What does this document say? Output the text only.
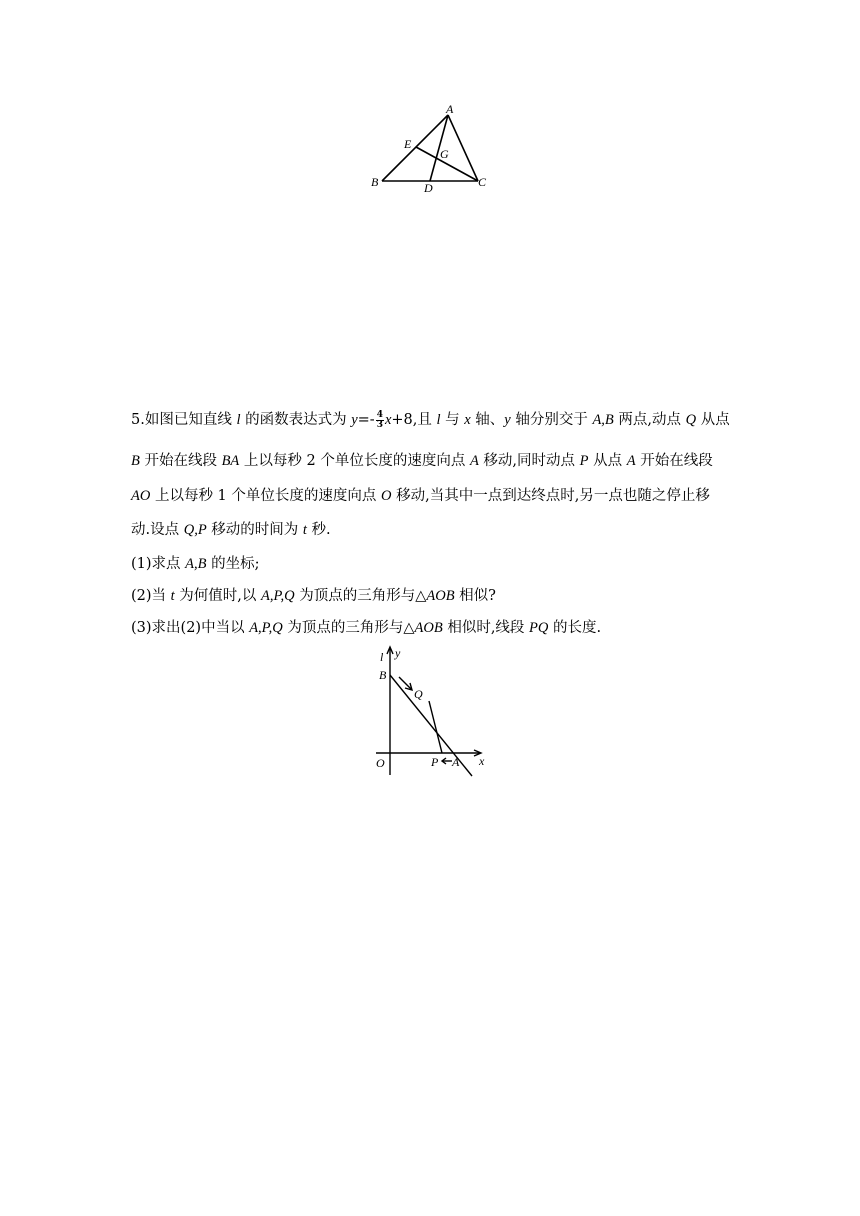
A
E
G
B	D	C
5.如图已知直线 l 的函数表达式为 $y=- \frac{4}{3} x+8$,且 l 与 x 轴、y 轴分别交于 A,B 两点,动点 Q 从点
B 开始在线段 BA 上以每秒 2 个单位长度的速度向点 A 移动,同时动点 P 从点 A 开始在线段
AO 上以每秒 1 个单位长度的速度向点 O 移动,当其中一点到达终点时,另一点也随之停止移
动.设点 Q,P 移动的时间为 t 秒.
(1)求点 A,B 的坐标;
(2)当 t 为何值时,以 A,P,Q 为顶点的三角形与△AOB 相似?
(3)求出(2)中当以 A,P,Q 为顶点的三角形与△AOB 相似时,线段 PQ 的长度.
l y
B
Q
O	P A x
